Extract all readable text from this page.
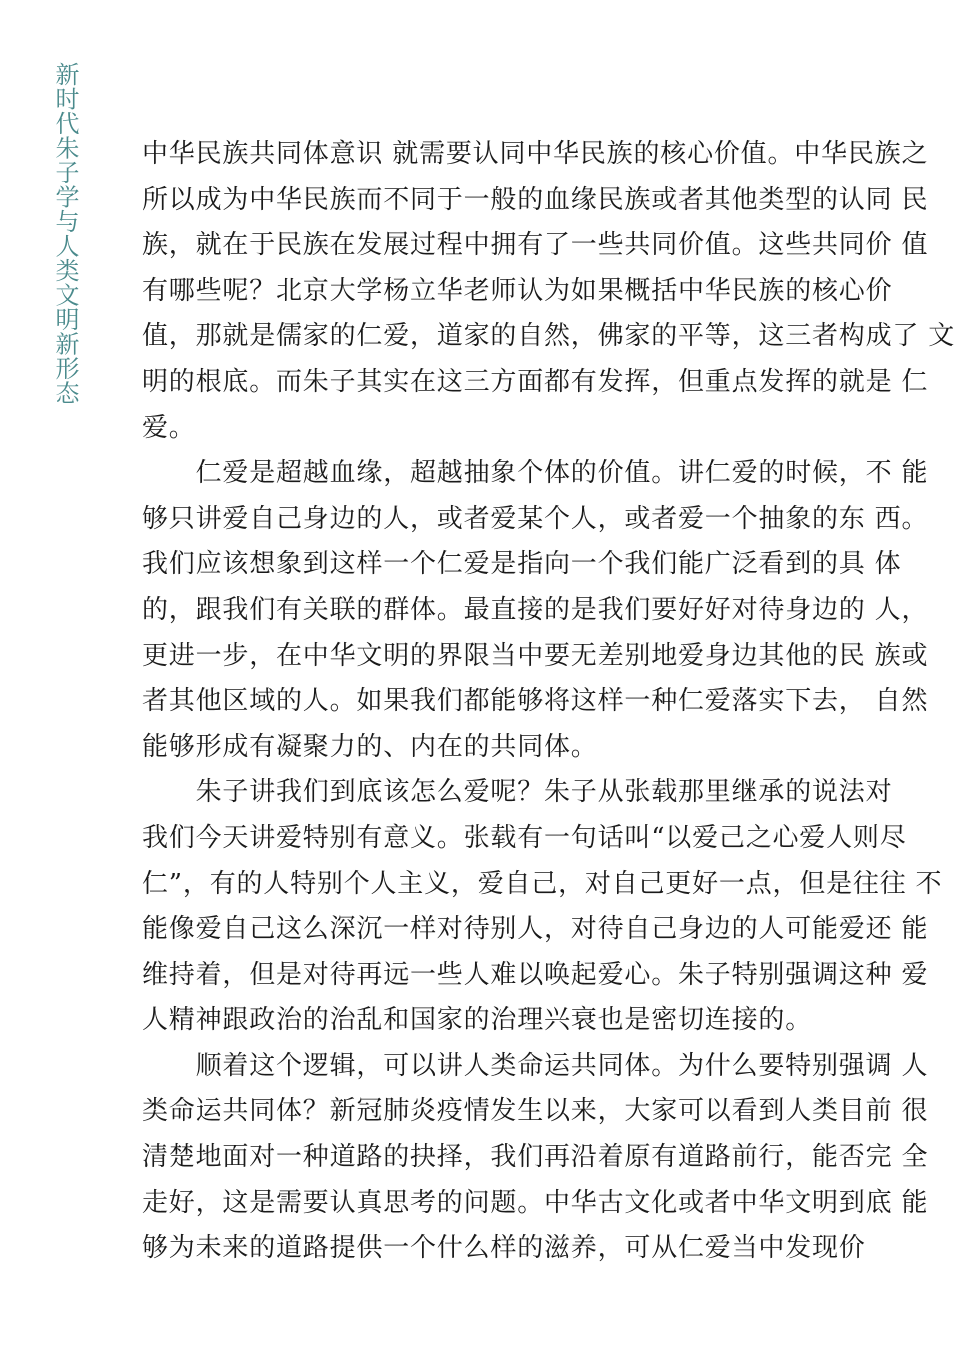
新时代朱子学与人类文明新形态 中华民族共同体意识 就需要认同中华民族的核心价值。中华民族之
所以成为中华民族而不同于一般的血缘民族或者其他类型的认同 民
族，就在于民族在发展过程中拥有了一些共同价值。这些共同价 值
有哪些呢？北京大学杨立华老师认为如果概括中华民族的核心价
值，那就是儒家的仁爱，道家的自然，佛家的平等，这三者构成了 文
明的根底。而朱子其实在这三方面都有发挥，但重点发挥的就是 仁
爱。
　　仁爱是超越血缘，超越抽象个体的价值。讲仁爱的时候，不 能
够只讲爱自己身边的人，或者爱某个人，或者爱一个抽象的东 西。
我们应该想象到这样一个仁爱是指向一个我们能广泛看到的具 体
的，跟我们有关联的群体。最直接的是我们要好好对待身边的 人，
更进一步，在中华文明的界限当中要无差别地爱身边其他的民 族或
者其他区域的人。如果我们都能够将这样一种仁爱落实下去， 自然
能够形成有凝聚力的、内在的共同体。
　　朱子讲我们到底该怎么爱呢？朱子从张载那里继承的说法对
我们今天讲爱特别有意义。张载有一句话叫“以爱己之心爱人则尽
仁”，有的人特别个人主义，爱自己，对自己更好一点，但是往往 不
能像爱自己这么深沉一样对待别人，对待自己身边的人可能爱还 能
维持着，但是对待再远一些人难以唤起爱心。朱子特别强调这种 爱
人精神跟政治的治乱和国家的治理兴衰也是密切连接的。
　　顺着这个逻辑，可以讲人类命运共同体。为什么要特别强调 人
类命运共同体？新冠肺炎疫情发生以来，大家可以看到人类目前 很
清楚地面对一种道路的抉择，我们再沿着原有道路前行，能否完 全
走好，这是需要认真思考的问题。中华古文化或者中华文明到底 能
够为未来的道路提供一个什么样的滋养，可从仁爱当中发现价
